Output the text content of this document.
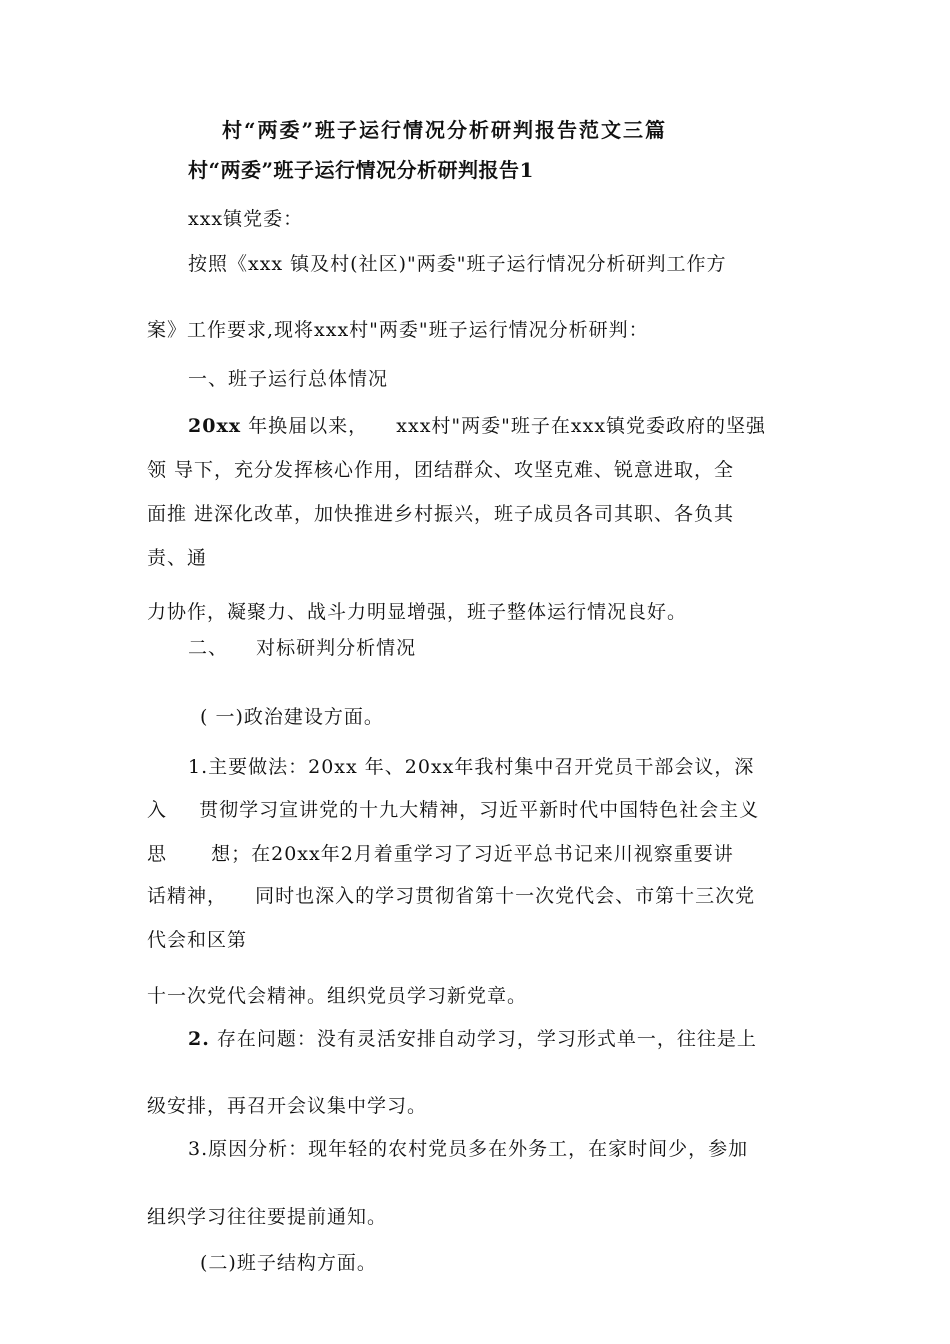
村“两委”班子运行情况分析研判报告范文三篇
村“两委”班子运行情况分析研判报告1
xxx镇党委：
按照《xxx 镇及村(社区)"两委"班子运行情况分析研判工作方
案》工作要求,现将xxx村"两委"班子运行情况分析研判：
一、班子运行总体情况
20xx 年换届以来， xxx村"两委"班子在xxx镇党委政府的坚强
领 导下，充分发挥核心作用，团结群众、攻坚克难、锐意进取，全
面推 进深化改革，加快推进乡村振兴，班子成员各司其职、各负其
责、通
力协作，凝聚力、战斗力明显增强，班子整体运行情况良好。
二、 对标研判分析情况
( 一)政治建设方面。
1.主要做法：20xx 年、20xx年我村集中召开党员干部会议，深
入 贯彻学习宣讲党的十九大精神，习近平新时代中国特色社会主义
思 想；在20xx年2月着重学习了习近平总书记来川视察重要讲
话精神， 同时也深入的学习贯彻省第十一次党代会、市第十三次党
代会和区第
十一次党代会精神。组织党员学习新党章。
2. 存在问题：没有灵活安排自动学习，学习形式单一，往往是上
级安排，再召开会议集中学习。
3.原因分析：现年轻的农村党员多在外务工，在家时间少，参加
组织学习往往要提前通知。
(二)班子结构方面。
